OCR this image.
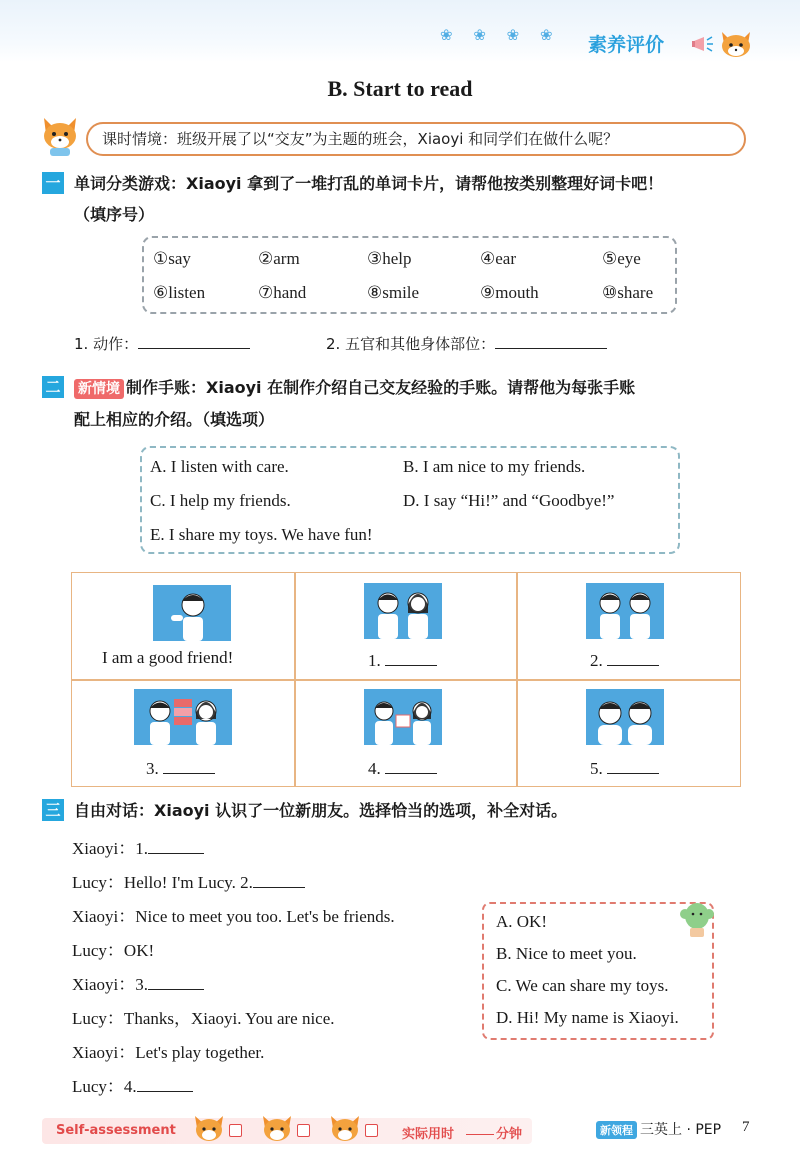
❀ ❀ ❀ ❀ 素养评价
B. Start to read
课时情境：班级开展了以“交友”为主题的班会，Xiaoyi 和同学们在做什么呢？
一 单词分类游戏：Xiaoyi 拿到了一堆打乱的单词卡片，请帮他按类别整理好词卡吧！
（填序号）
①say	②arm	③help	④ear	⑤eye
⑥listen	⑦hand	⑧smile	⑨mouth	⑩share
1. 动作：	2. 五官和其他身体部位：
二 新情境 制作手账：Xiaoyi 在制作介绍自己交友经验的手账。请帮他为每张手账
配上相应的介绍。（填选项）
A. I listen with care.	B. I am nice to my friends.
C. I help my friends.	D. I say “Hi!” and “Goodbye!”
E. I share my toys. We have fun!
I am a good friend!	1.	2.
3.	4.	5.
三 自由对话：Xiaoyi 认识了一位新朋友。选择恰当的选项，补全对话。
Xiaoyi：1.
Lucy：Hello! I'm Lucy. 2.
Xiaoyi：Nice to meet you too. Let's be friends.
Lucy：OK!
Xiaoyi：3.
Lucy：Thanks，Xiaoyi. You are nice.
Xiaoyi：Let's play together.
Lucy：4.
A. OK!
B. Nice to meet you.
C. We can share my toys.
D. Hi! My name is Xiaoyi.
Self-assessment	实际用时	分钟	新领程 三英上 · PEP 7
